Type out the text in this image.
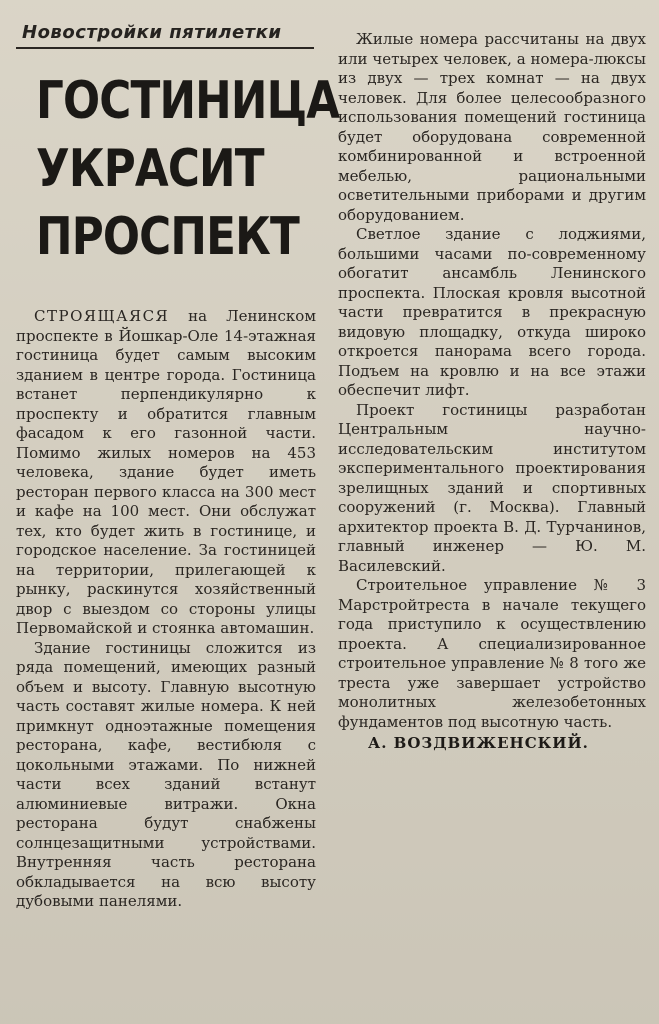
Новостройки пятилетки
ГОСТИНИЦА
УКРАСИТ
ПРОСПЕКТ

СТРОЯЩАЯСЯ на Ленинском проспекте в Йошкар-Оле 14-этажная гостиница будет самым высоким зданием в центре города. Гостиница встанет перпендикулярно к проспекту и обратится главным фасадом к его газонной части. Помимо жилых номеров на 453 человека, здание будет иметь ресторан первого класса на 300 мест и кафе на 100 мест. Они обслужат тех, кто будет жить в гостинице, и городское население. За гостиницей на территории, прилегающей к рынку, раскинутся хозяйственный двор с выездом со стороны улицы Первомайской и стоянка автомашин.

Здание гостиницы сложится из ряда помещений, имеющих разный объем и высоту. Главную высотную часть составят жилые номера. К ней примкнут одноэтажные помещения ресторана, кафе, вестибюля с цокольными этажами. По нижней части всех зданий встанут алюминиевые витражи. Окна ресторана будут снабжены солнцезащитными устройствами. Внутренняя часть ресторана обкладывается на всю высоту дубовыми панелями.

Жилые номера рассчитаны на двух или четырех человек, а номера-люксы из двух — трех комнат — на двух человек. Для более целесообразного использования помещений гостиница будет оборудована современной комбинированной и встроенной мебелью, рациональными осветительными приборами и другим оборудованием.

Светлое здание с лоджиями, большими часами по-современному обогатит ансамбль Ленинского проспекта. Плоская кровля высотной части превратится в прекрасную видовую площадку, откуда широко откроется панорама всего города. Подъем на кровлю и на все этажи обеспечит лифт.

Проект гостиницы разработан Центральным научно-исследовательским институтом экспериментального проектирования зрелищных зданий и спортивных сооружений (г. Москва). Главный архитектор проекта В. Д. Турчанинов, главный инженер — Ю. М. Василевский.

Строительное управление № 3 Марстройтреста в начале текущего года приступило к осуществлению проекта. А специализированное строительное управление № 8 того же треста уже завершает устройство монолитных железобетонных фундаментов под высотную часть.

А. ВОЗДВИЖЕНСКИЙ.
